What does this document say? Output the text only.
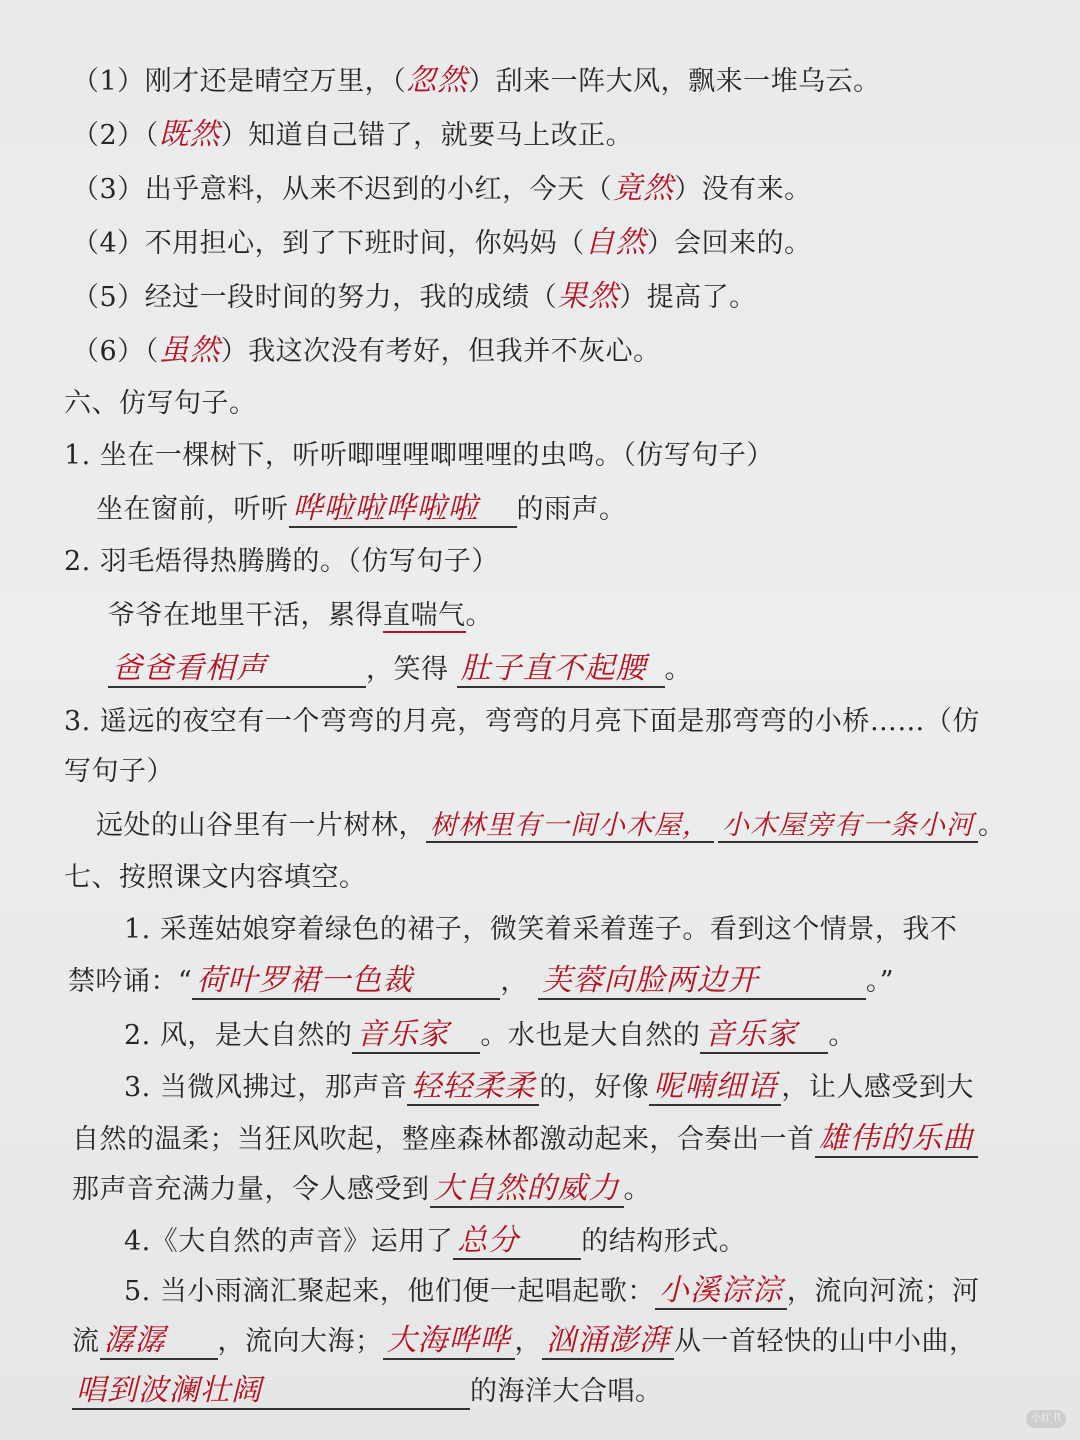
（1）刚才还是晴空万里，（忽然）刮来一阵大风，飘来一堆乌云。
（2）（既然）知道自己错了，就要马上改正。
（3）出乎意料，从来不迟到的小红，今天（竟然）没有来。
（4）不用担心，到了下班时间，你妈妈（自然）会回来的。
（5）经过一段时间的努力，我的成绩（果然）提高了。
（6）（虽然）我这次没有考好，但我并不灰心。
六、仿写句子。
1. 坐在一棵树下，听听唧哩哩唧哩哩的虫鸣。（仿写句子）
坐在窗前，听听 哗啦啦哗啦啦 的雨声。
2. 羽毛焐得热腾腾的。（仿写句子）
爷爷在地里干活，累得直喘气。
爸爸看相声	，笑得 肚子直不起腰 。
3. 遥远的夜空有一个弯弯的月亮，弯弯的月亮下面是那弯弯的小桥……（仿
写句子）
远处的山谷里有一片树林， 树林里有一间小木屋， 小木屋旁有一条小河 。
七、按照课文内容填空。
1. 采莲姑娘穿着绿色的裙子，微笑着采着莲子。看到这个情景，我不
禁吟诵：“ 荷叶罗裙一色裁	， 芙蓉向脸两边开	。”
2. 风，是大自然的 音乐家 。水也是大自然的 音乐家 。
3. 当微风拂过，那声音 轻轻柔柔 的，好像 呢喃细语 ，让人感受到大
自然的温柔；当狂风吹起，整座森林都激动起来，合奏出一首 雄伟的乐曲
那声音充满力量，令人感受到 大自然的威力 。
4.《大自然的声音》运用了 总分 的结构形式。
5. 当小雨滴汇聚起来，他们便一起唱起歌： 小溪淙淙 ，流向河流；河
流 潺潺 ，流向大海； 大海哗哗 ， 汹涌澎湃 从一首轻快的山中小曲，
唱到波澜壮阔	的海洋大合唱。
小红书
